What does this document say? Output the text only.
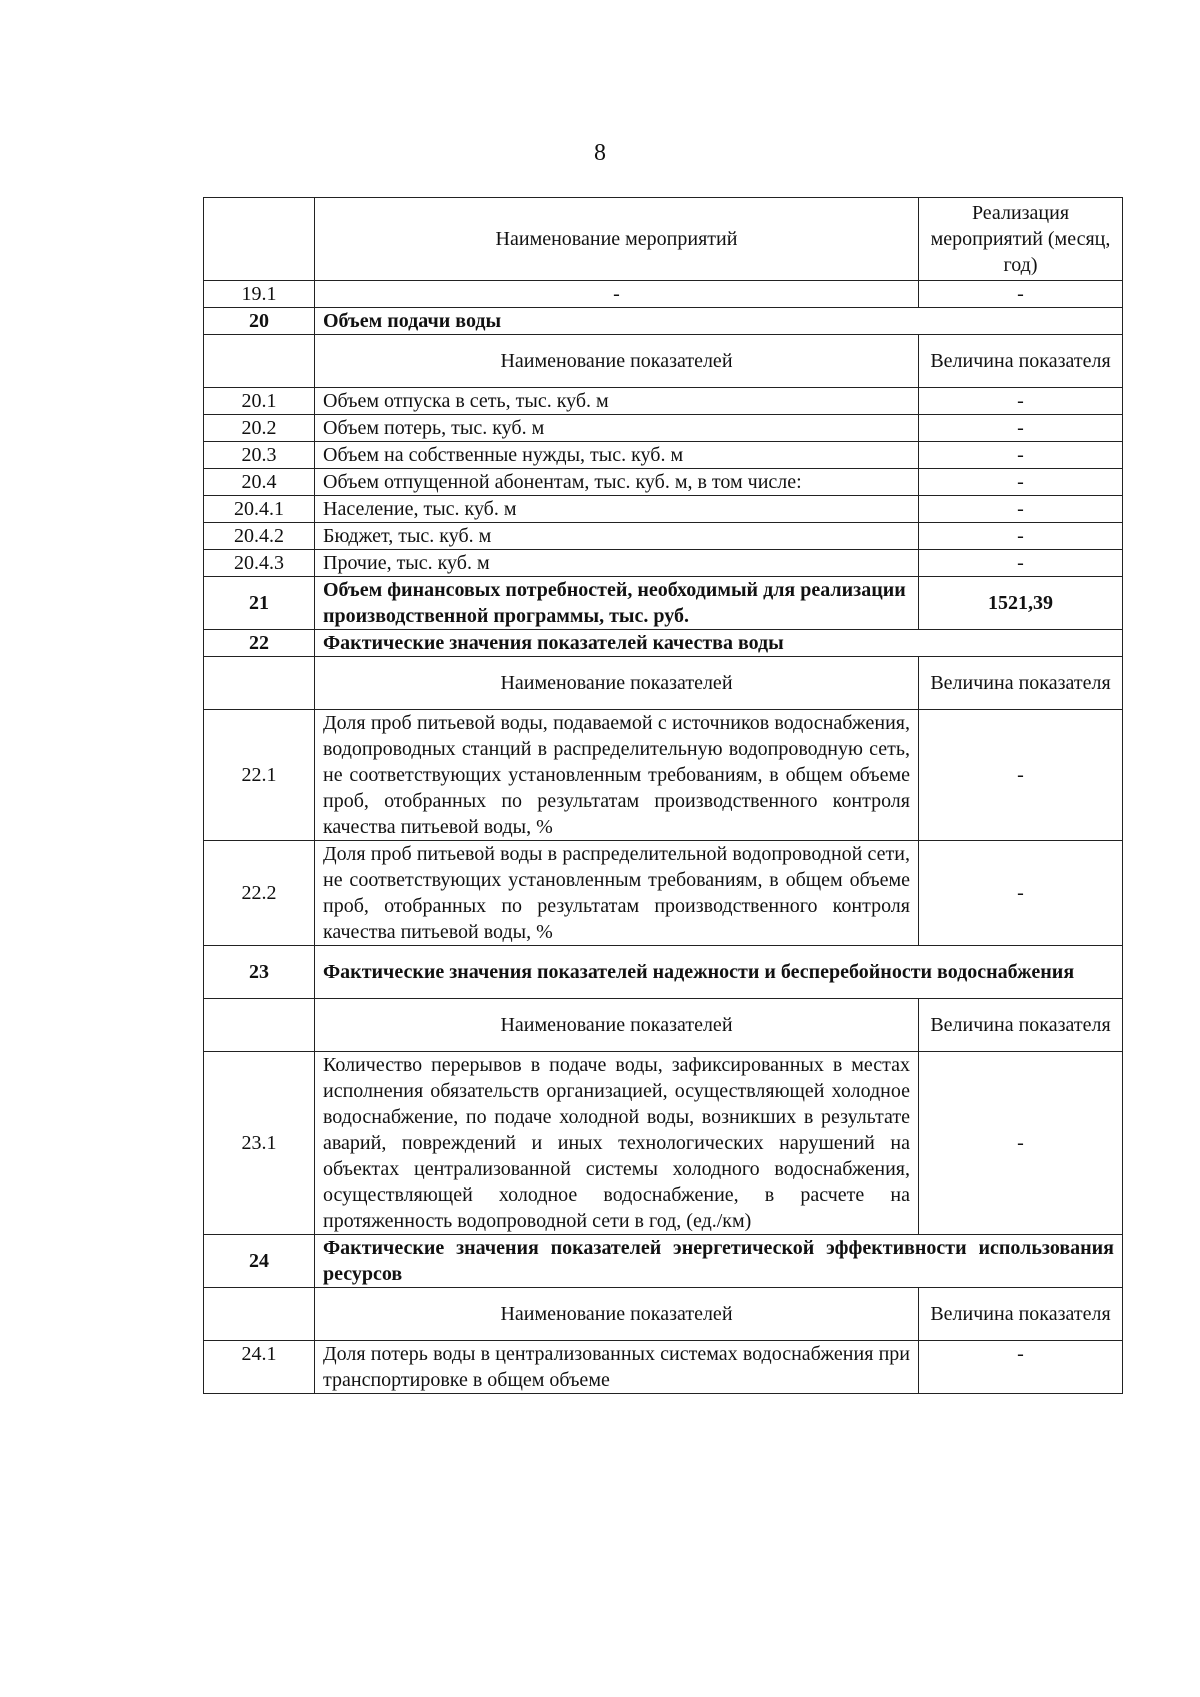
8
	Наименование мероприятий	Реализация мероприятий (месяц, год)
19.1	-	-
20	Объем подачи воды	
	Наименование показателей	Величина показателя
20.1	Объем отпуска в сеть, тыс. куб. м	-
20.2	Объем потерь, тыс. куб. м	-
20.3	Объем на собственные нужды, тыс. куб. м	-
20.4	Объем отпущенной абонентам, тыс. куб. м, в том числе:	-
20.4.1	Население, тыс. куб. м	-
20.4.2	Бюджет, тыс. куб. м	-
20.4.3	Прочие, тыс. куб. м	-
21	Объем финансовых потребностей, необходимый для реализации производственной программы, тыс. руб.	1521,39
22	Фактические значения показателей качества воды	
	Наименование показателей	Величина показателя
22.1	Доля проб питьевой воды, подаваемой с источников водоснабжения, водопроводных станций в распределительную водопроводную сеть, не соответствующих установленным требованиям, в общем объеме проб, отобранных по результатам производственного контроля качества питьевой воды, %	-
22.2	Доля проб питьевой воды в распределительной водопроводной сети, не соответствующих установленным требованиям, в общем объеме проб, отобранных по результатам производственного контроля качества питьевой воды, %	-
23	Фактические значения показателей надежности и бесперебойности водоснабжения	
	Наименование показателей	Величина показателя
23.1	Количество перерывов в подаче воды, зафиксированных в местах исполнения обязательств организацией, осуществляющей холодное водоснабжение, по подаче холодной воды, возникших в результате аварий, повреждений и иных технологических нарушений на объектах централизованной системы холодного водоснабжения, осуществляющей холодное водоснабжение, в расчете на протяженность водопроводной сети в год, (ед./км)	-
24	Фактические значения показателей энергетической эффективности использования ресурсов	
	Наименование показателей	Величина показателя
24.1	Доля потерь воды в централизованных системах водоснабжения при транспортировке в общем объеме	-
